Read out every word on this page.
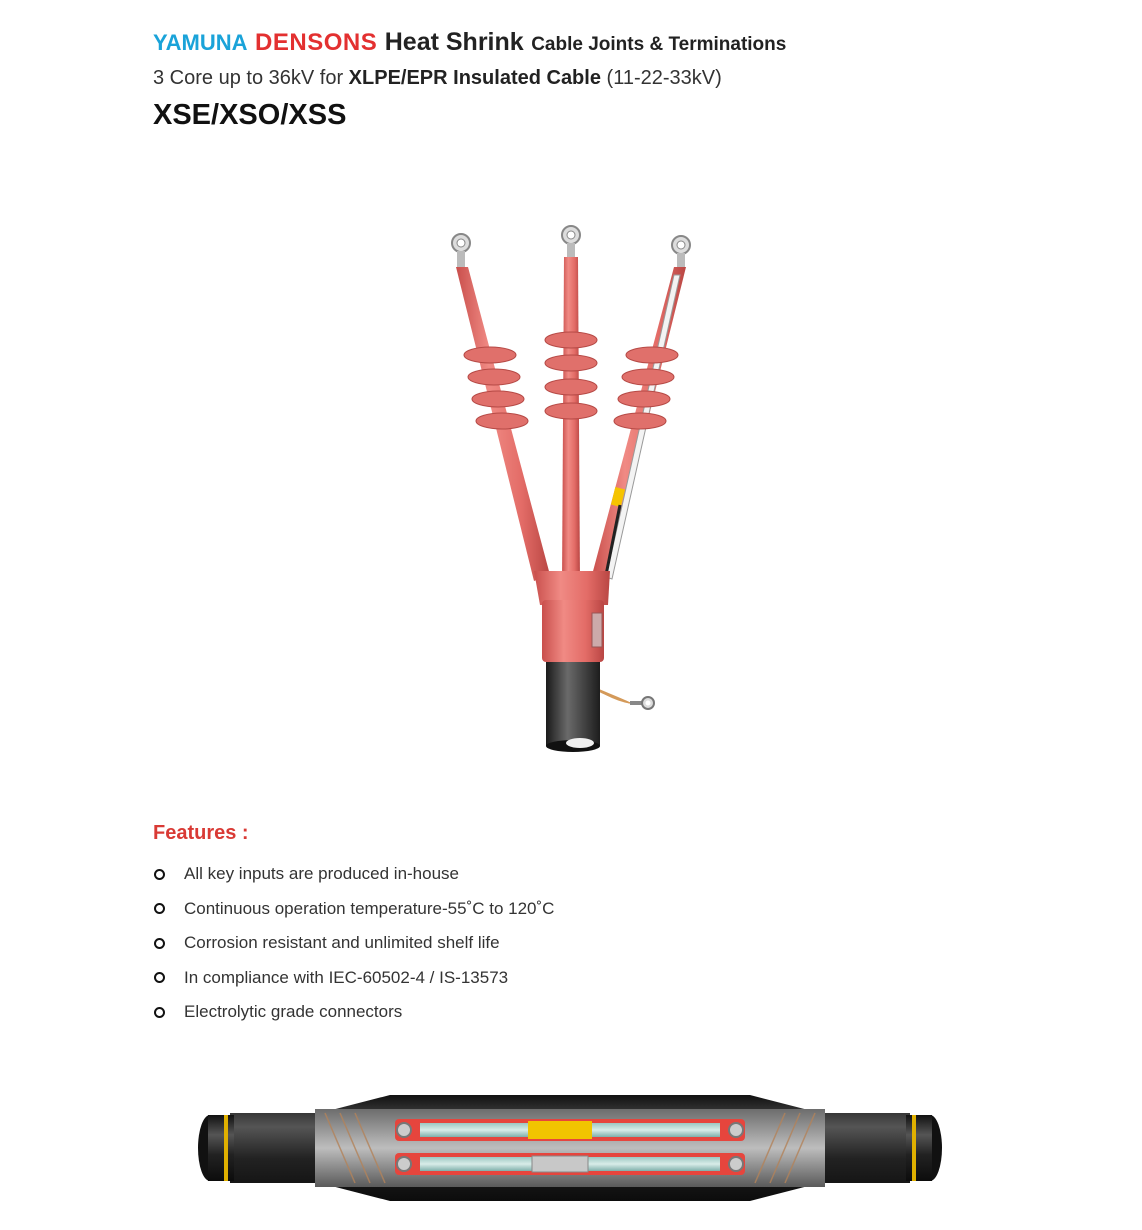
YAMUNA DENSONS Heat Shrink Cable Joints & Terminations
3 Core up to 36kV for XLPE/EPR Insulated Cable (11-22-33kV)
XSE/XSO/XSS
Features :
All key inputs are produced in-house
Continuous operation temperature-55˚C to 120˚C
Corrosion resistant and unlimited shelf life
In compliance with IEC-60502-4 / IS-13573
Electrolytic grade connectors
